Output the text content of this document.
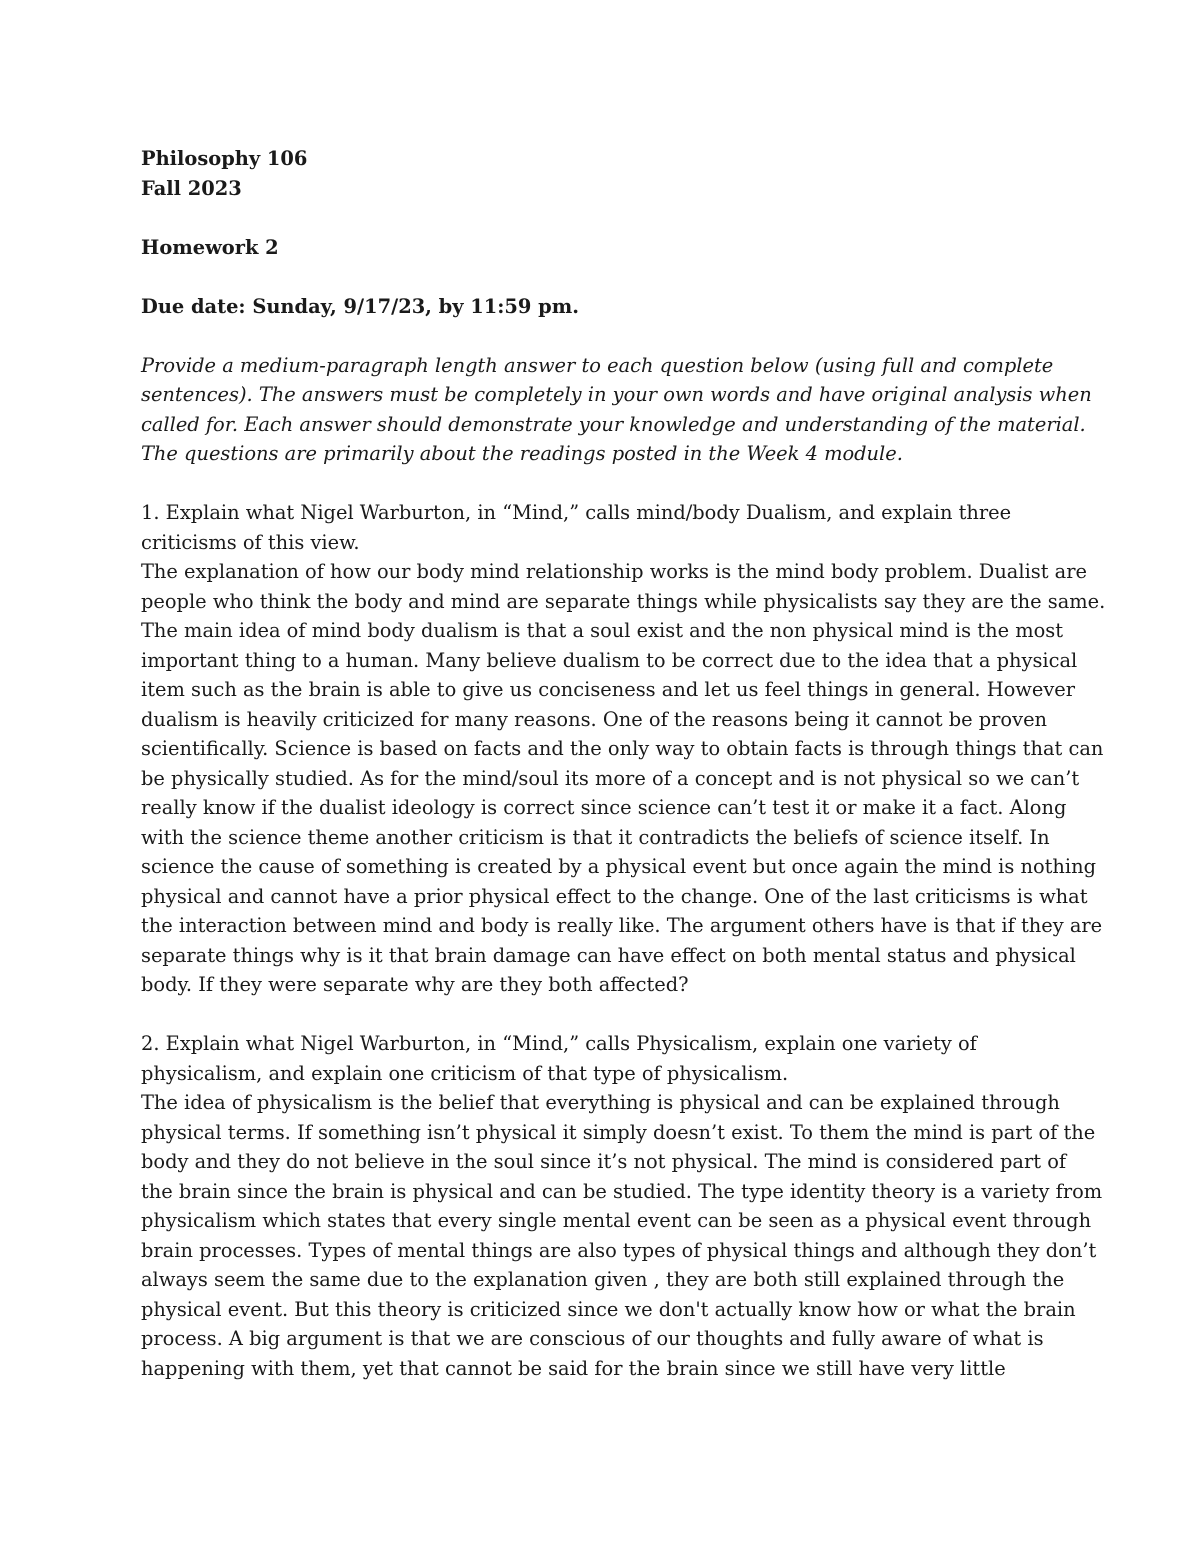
Philosophy 106
Fall 2023
Homework 2
Due date: Sunday, 9/17/23, by 11:59 pm.
Provide a medium-paragraph length answer to each question below (using full and complete
sentences). The answers must be completely in your own words and have original analysis when
called for. Each answer should demonstrate your knowledge and understanding of the material.
The questions are primarily about the readings posted in the Week 4 module.
1. Explain what Nigel Warburton, in “Mind,” calls mind/body Dualism, and explain three
criticisms of this view.
The explanation of how our body mind relationship works is the mind body problem. Dualist are
people who think the body and mind are separate things while physicalists say they are the same.
The main idea of mind body dualism is that a soul exist and the non physical mind is the most
important thing to a human. Many believe dualism to be correct due to the idea that a physical
item such as the brain is able to give us conciseness and let us feel things in general. However
dualism is heavily criticized for many reasons. One of the reasons being it cannot be proven
scientifically. Science is based on facts and the only way to obtain facts is through things that can
be physically studied. As for the mind/soul its more of a concept and is not physical so we can’t
really know if the dualist ideology is correct since science can’t test it or make it a fact. Along
with the science theme another criticism is that it contradicts the beliefs of science itself. In
science the cause of something is created by a physical event but once again the mind is nothing
physical and cannot have a prior physical effect to the change. One of the last criticisms is what
the interaction between mind and body is really like. The argument others have is that if they are
separate things why is it that brain damage can have effect on both mental status and physical
body. If they were separate why are they both affected?
2. Explain what Nigel Warburton, in “Mind,” calls Physicalism, explain one variety of
physicalism, and explain one criticism of that type of physicalism.
The idea of physicalism is the belief that everything is physical and can be explained through
physical terms. If something isn’t physical it simply doesn’t exist. To them the mind is part of the
body and they do not believe in the soul since it’s not physical. The mind is considered part of
the brain since the brain is physical and can be studied. The type identity theory is a variety from
physicalism which states that every single mental event can be seen as a physical event through
brain processes. Types of mental things are also types of physical things and although they don’t
always seem the same due to the explanation given , they are both still explained through the
physical event. But this theory is criticized since we don't actually know how or what the brain
process. A big argument is that we are conscious of our thoughts and fully aware of what is
happening with them, yet that cannot be said for the brain since we still have very little
